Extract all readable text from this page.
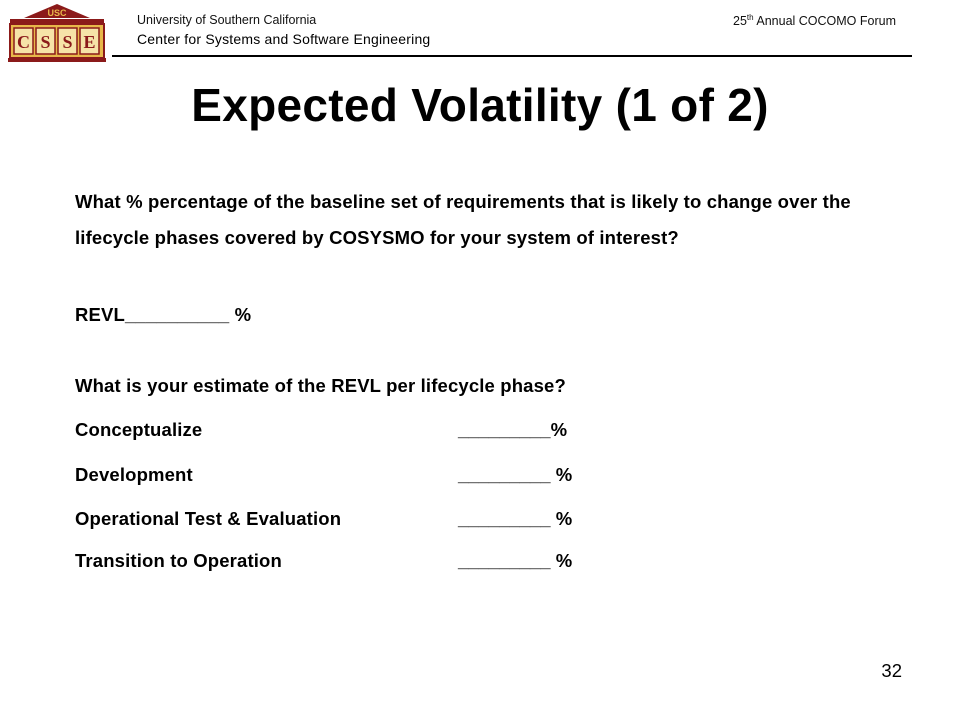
USC
C S S E
University of Southern California
Center for Systems and Software Engineering
25th Annual COCOMO Forum
Expected Volatility (1 of 2)
What % percentage of the baseline set of requirements that is likely to change over the lifecycle phases covered by COSYSMO for your system of interest?
REVL__________ %
What is your estimate of the REVL per lifecycle phase?
Conceptualize	_________%
Development	_________ %
Operational Test & Evaluation	_________ %
Transition to Operation	_________ %
32
